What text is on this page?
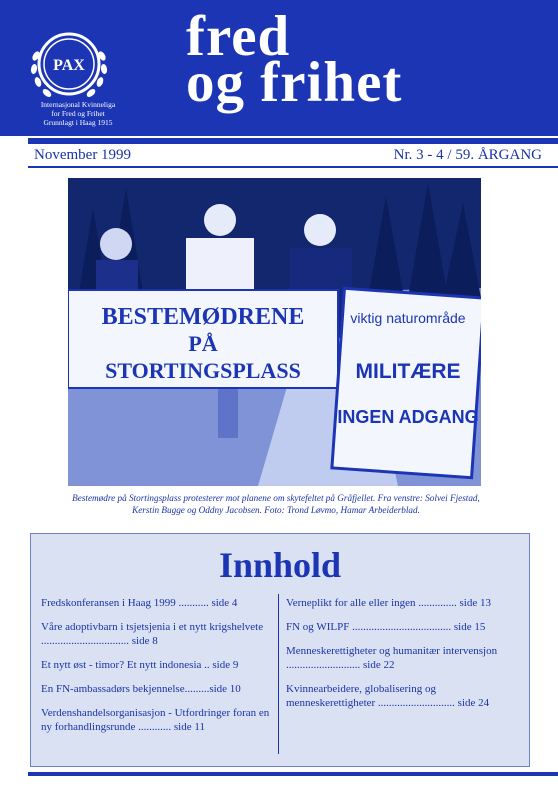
PAX
Internasjonal Kvinneliga
for Fred og Frihet
Grunnlagt i Haag 1915
fred
og frihet
November 1999	Nr. 3 - 4 / 59. ÅRGANG
BESTEMØDRENE
PÅ
STORTINGSPLASS
viktig naturområde
MILITÆRE
INGEN ADGANG
Bestemødre på Stortingsplass protesterer mot planene om skytefeltet på Gråfjellet. Fra venstre: Solvei Fjestad, Kerstin Bugge og Oddny Jacobsen. Foto: Trond Løvmo, Hamar Arbeiderblad.
Innhold
Fredskonferansen i Haag 1999 ........... side 4
Våre adoptivbarn i tsjetsjenia i et nytt krigshelvete ................................ side 8
Et nytt øst - timor? Et nytt indonesia .. side 9
En FN-ambassadørs bekjennelse.........side 10
Verdenshandelsorganisasjon - Utfordringer foran en ny forhandlingsrunde ............ side 11
Verneplikt for alle eller ingen .............. side 13
FN og WILPF .................................... side 15
Menneskerettigheter og humanitær intervensjon ........................... side 22
Kvinnearbeidere, globalisering og menneskerettigheter ............................ side 24
